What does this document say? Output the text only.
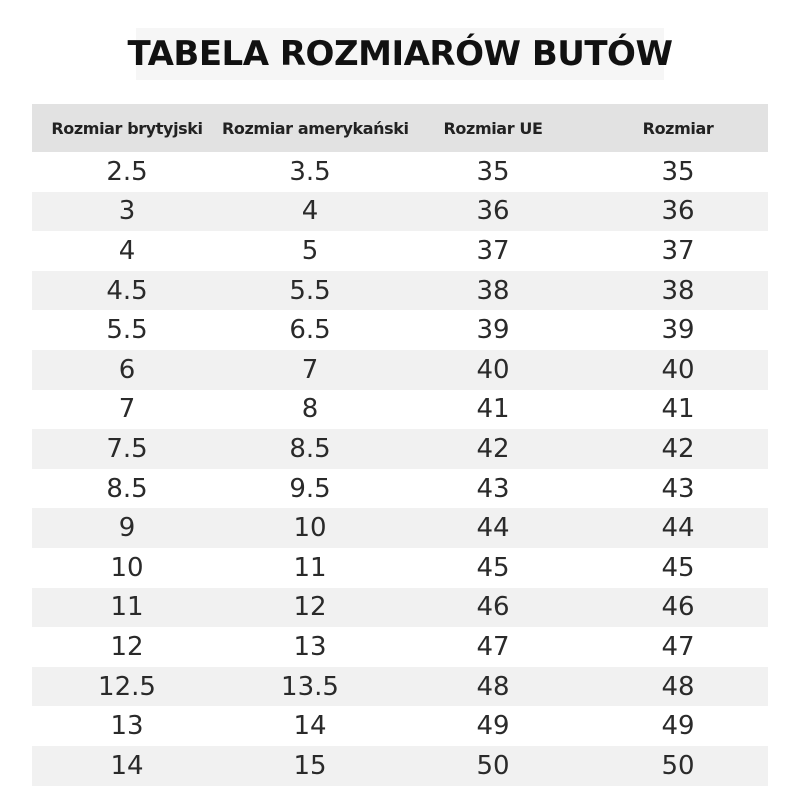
TABELA ROZMIARÓW BUTÓW
Rozmiar brytyjski	Rozmiar amerykański	Rozmiar UE	Rozmiar
2.5	3.5	35	35
3	4	36	36
4	5	37	37
4.5	5.5	38	38
5.5	6.5	39	39
6	7	40	40
7	8	41	41
7.5	8.5	42	42
8.5	9.5	43	43
9	10	44	44
10	11	45	45
11	12	46	46
12	13	47	47
12.5	13.5	48	48
13	14	49	49
14	15	50	50
